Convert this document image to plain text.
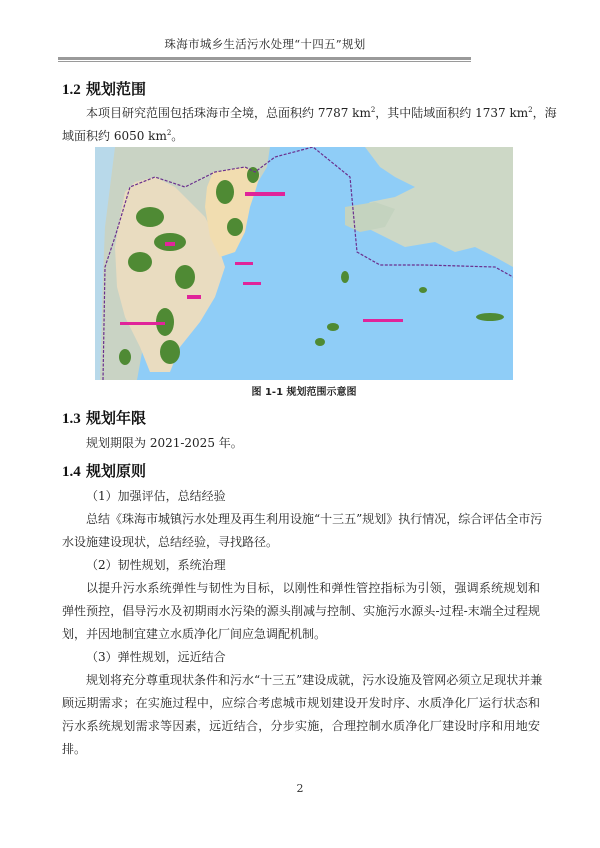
珠海市城乡生活污水处理“十四五”规划
1.2 规划范围
本项目研究范围包括珠海市全境，总面积约 7787 $km^2$，其中陆域面积约 1737 $km^2$，海
域面积约 6050 $km^2$。
图 1-1 规划范围示意图
1.3 规划年限
规划期限为 2021-2025 年。
1.4 规划原则
（1）加强评估，总结经验
总结《珠海市城镇污水处理及再生利用设施“十三五”规划》执行情况，综合评估全市污
水设施建设现状，总结经验，寻找路径。
（2）韧性规划，系统治理
以提升污水系统弹性与韧性为目标，以刚性和弹性管控指标为引领，强调系统规划和
弹性预控，倡导污水及初期雨水污染的源头削减与控制、实施污水源头-过程-末端全过程规
划，并因地制宜建立水质净化厂间应急调配机制。
（3）弹性规划，远近结合
规划将充分尊重现状条件和污水“十三五”建设成就，污水设施及管网必须立足现状并兼
顾远期需求；在实施过程中，应综合考虑城市规划建设开发时序、水质净化厂运行状态和
污水系统规划需求等因素，远近结合，分步实施，合理控制水质净化厂建设时序和用地安
排。
2
